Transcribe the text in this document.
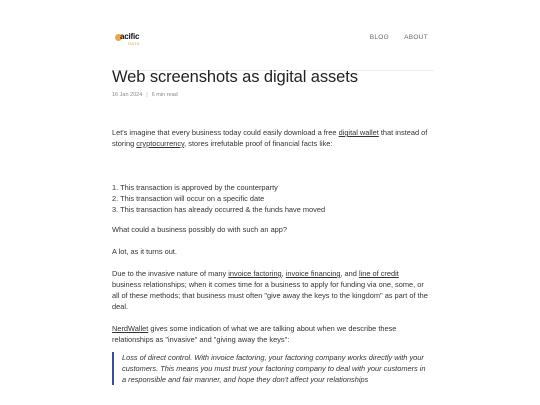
acific
DATA
BLOG ABOUT
Web screenshots as digital assets
16 Jan 2024 | 6 min read

Let's imagine that every business today could easily download a free digital wallet that instead of storing cryptocurrency, stores irrefutable proof of financial facts like:

1. This transaction is approved by the counterparty

2. This transaction will occur on a specific date

3. This transaction has already occurred & the funds have moved

What could a business possibly do with such an app?

A lot, as it turns out.

Due to the invasive nature of many invoice factoring, invoice financing, and line of credit business relationships; when it comes time for a business to apply for funding via one, some, or all of these methods; that business must often "give away the keys to the kingdom" as part of the deal.

NerdWallet gives some indication of what we are talking about when we describe these relationships as "invasive" and "giving away the keys":

Loss of direct control. With invoice factoring, your factoring company works directly with your customers. This means you must trust your factoring company to deal with your customers in a responsible and fair manner, and hope they don't affect your relationships
